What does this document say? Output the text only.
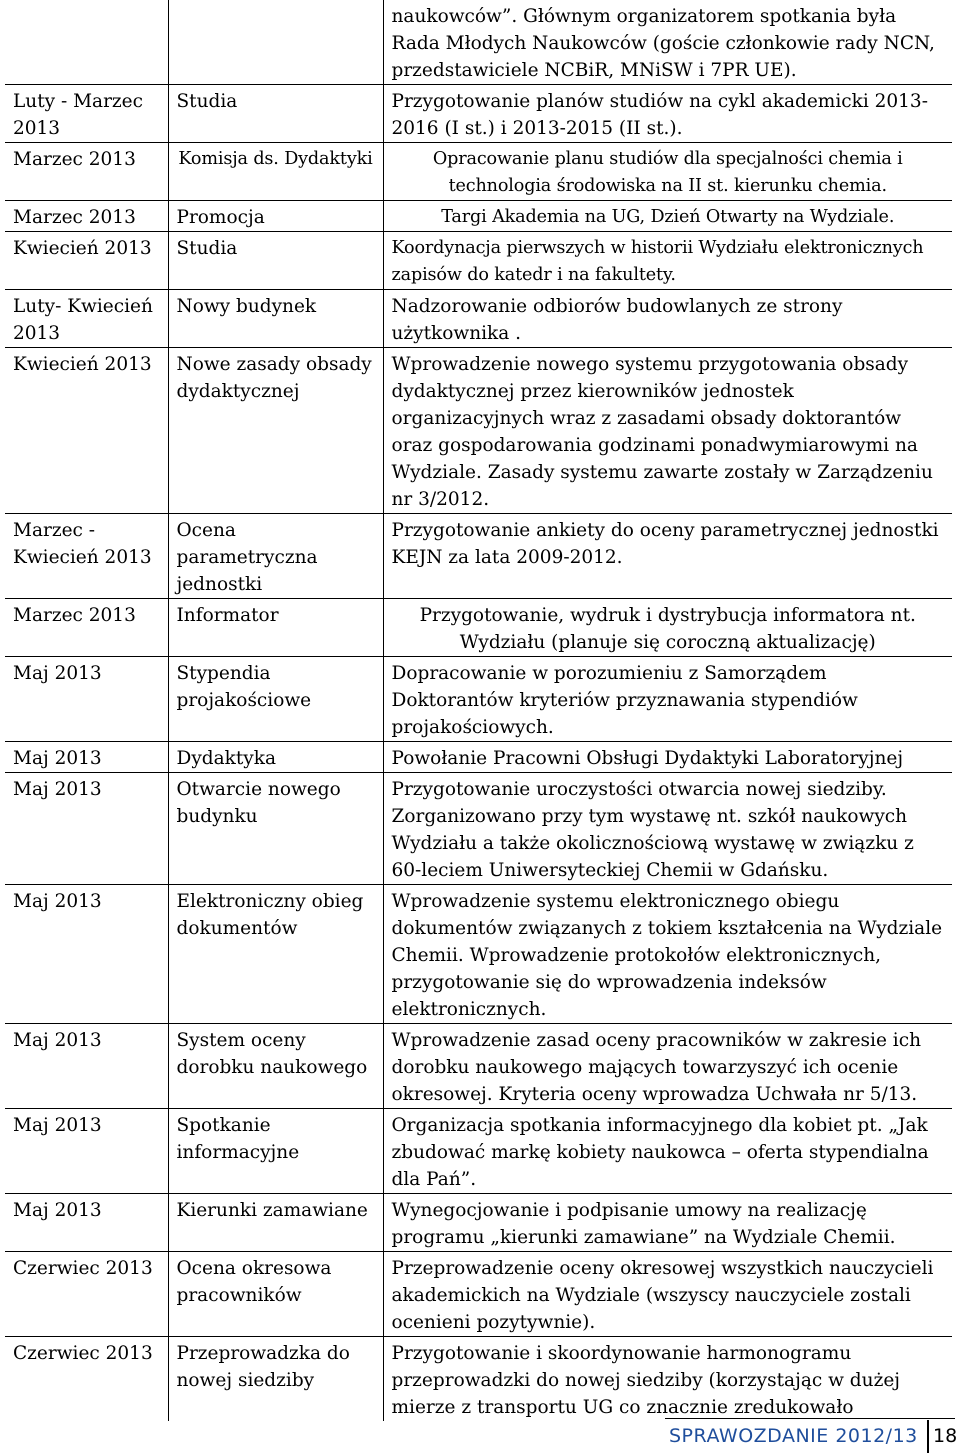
		naukowców”. Głównym organizatorem spotkania była Rada Młodych Naukowców (goście członkowie rady NCN, przedstawiciele NCBiR, MNiSW i 7PR UE).
Luty - Marzec 2013	Studia	Przygotowanie planów studiów na cykl akademicki 2013-2016 (I st.) i 2013-2015 (II st.).
Marzec 2013	Komisja ds. Dydaktyki	Opracowanie planu studiów dla specjalności chemia i technologia środowiska na II st. kierunku chemia.
Marzec 2013	Promocja	Targi Akademia na UG, Dzień Otwarty na Wydziale.
Kwiecień 2013	Studia	Koordynacja pierwszych w historii Wydziału elektronicznych zapisów do katedr i na fakultety.
Luty- Kwiecień 2013	Nowy budynek	Nadzorowanie odbiorów budowlanych ze strony użytkownika .
Kwiecień 2013	Nowe zasady obsady dydaktycznej	Wprowadzenie nowego systemu przygotowania obsady dydaktycznej przez kierowników jednostek organizacyjnych wraz z zasadami obsady doktorantów oraz gospodarowania godzinami ponadwymiarowymi na Wydziale. Zasady systemu zawarte zostały w Zarządzeniu nr 3/2012.
Marzec - Kwiecień 2013	Ocena parametryczna jednostki	Przygotowanie ankiety do oceny parametrycznej jednostki KEJN za lata 2009-2012.
Marzec 2013	Informator	Przygotowanie, wydruk i dystrybucja informatora nt. Wydziału (planuje się coroczną aktualizację)
Maj 2013	Stypendia projakościowe	Dopracowanie w porozumieniu z Samorządem Doktorantów kryteriów przyznawania stypendiów projakościowych.
Maj 2013	Dydaktyka	Powołanie Pracowni Obsługi Dydaktyki Laboratoryjnej
Maj 2013	Otwarcie nowego budynku	Przygotowanie uroczystości otwarcia nowej siedziby. Zorganizowano przy tym wystawę nt. szkół naukowych Wydziału a także okolicznościową wystawę w związku z 60-leciem Uniwersyteckiej Chemii w Gdańsku.
Maj 2013	Elektroniczny obieg dokumentów	Wprowadzenie systemu elektronicznego obiegu dokumentów związanych z tokiem kształcenia na Wydziale Chemii. Wprowadzenie protokołów elektronicznych, przygotowanie się do wprowadzenia indeksów elektronicznych.
Maj 2013	System oceny dorobku naukowego	Wprowadzenie zasad oceny pracowników w zakresie ich dorobku naukowego mających towarzyszyć ich ocenie okresowej. Kryteria oceny wprowadza Uchwała nr 5/13.
Maj 2013	Spotkanie informacyjne	Organizacja spotkania informacyjnego dla kobiet pt. „Jak zbudować markę kobiety naukowca – oferta stypendialna dla Pań”.
Maj 2013	Kierunki zamawiane	Wynegocjowanie i podpisanie umowy na realizację programu „kierunki zamawiane” na Wydziale Chemii.
Czerwiec 2013	Ocena okresowa pracowników	Przeprowadzenie oceny okresowej wszystkich nauczycieli akademickich na Wydziale (wszyscy nauczyciele zostali ocenieni pozytywnie).
Czerwiec 2013	Przeprowadzka do nowej siedziby	Przygotowanie i skoordynowanie harmonogramu przeprowadzki do nowej siedziby (korzystając w dużej mierze z transportu UG co znacznie zredukowało
SPRAWOZDANIE 2012/13 18
